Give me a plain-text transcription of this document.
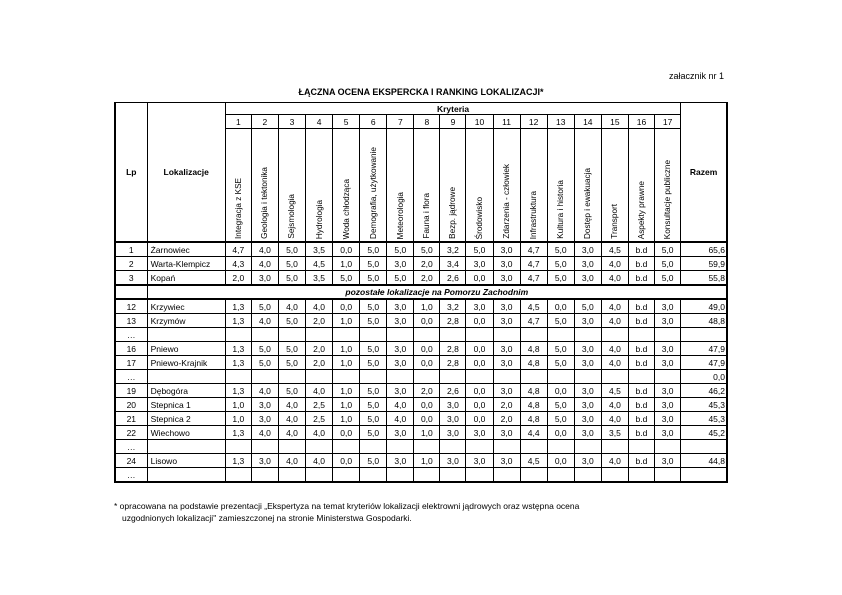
załacznik nr 1
ŁĄCZNA OCENA EKSPERCKA I RANKING LOKALIZACJI*
Lp	Lokalizacje	Kryteria																	Razem
		1	2	3	4	5	6	7	8	9	10	11	12	13	14	15	16	17	

		Integracja z KSE	Geologia i tektonika	Sejsmologia	Hydrologia	Woda chłodząca	Demografia, użytkowanie	Meteorologia	Fauna i flora	Bezp. jądrowe	Środowisko	Zdarzenia - człowiek	Infrastruktura	Kultura i historia	Dostęp i ewakuacja	Transport	Aspekty prawne	Konsultacje publiczne	

1	Żarnowiec	4,7	4,0	5,0	3,5	0,0	5,0	5,0	5,0	3,2	5,0	3,0	4,7	5,0	3,0	4,5	b.d	5,0	65,6
2	Warta-Klempicz	4,3	4,0	5,0	4,5	1,0	5,0	3,0	2,0	3,4	3,0	3,0	4,7	5,0	3,0	4,0	b.d	5,0	59,9
3	Kopań	2,0	3,0	5,0	3,5	5,0	5,0	5,0	2,0	2,6	0,0	3,0	4,7	5,0	3,0	4,0	b.d	5,0	55,8
	pozostałe lokalizacje na Pomorzu Zachodnim																		
12	Krzywiec	1,3	5,0	4,0	4,0	0,0	5,0	3,0	1,0	3,2	3,0	3,0	4,5	0,0	5,0	4,0	b.d	3,0	49,0
13	Krzymów	1,3	4,0	5,0	2,0	1,0	5,0	3,0	0,0	2,8	0,0	3,0	4,7	5,0	3,0	4,0	b.d	3,0	48,8
…																			
16	Pniewo	1,3	5,0	5,0	2,0	1,0	5,0	3,0	0,0	2,8	0,0	3,0	4,8	5,0	3,0	4,0	b.d	3,0	47,9
17	Pniewo-Krajnik	1,3	5,0	5,0	2,0	1,0	5,0	3,0	0,0	2,8	0,0	3,0	4,8	5,0	3,0	4,0	b.d	3,0	47,9
…																			0,0
19	Dębogóra	1,3	4,0	5,0	4,0	1,0	5,0	3,0	2,0	2,6	0,0	3,0	4,8	0,0	3,0	4,5	b.d	3,0	46,2
20	Stepnica 1	1,0	3,0	4,0	2,5	1,0	5,0	4,0	0,0	3,0	0,0	2,0	4,8	5,0	3,0	4,0	b.d	3,0	45,3
21	Stepnica 2	1,0	3,0	4,0	2,5	1,0	5,0	4,0	0,0	3,0	0,0	2,0	4,8	5,0	3,0	4,0	b.d	3,0	45,3
22	Wiechowo	1,3	4,0	4,0	4,0	0,0	5,0	3,0	1,0	3,0	3,0	3,0	4,4	0,0	3,0	3,5	b.d	3,0	45,2
…																			
24	Lisowo	1,3	3,0	4,0	4,0	0,0	5,0	3,0	1,0	3,0	3,0	3,0	4,5	0,0	3,0	4,0	b.d	3,0	44,8
…																			
* opracowana na podstawie prezentacji „Ekspertyza na temat kryteriów lokalizacji elektrowni jądrowych oraz wstępna ocena
uzgodnionych lokalizacji" zamieszczonej na stronie Ministerstwa Gospodarki.
